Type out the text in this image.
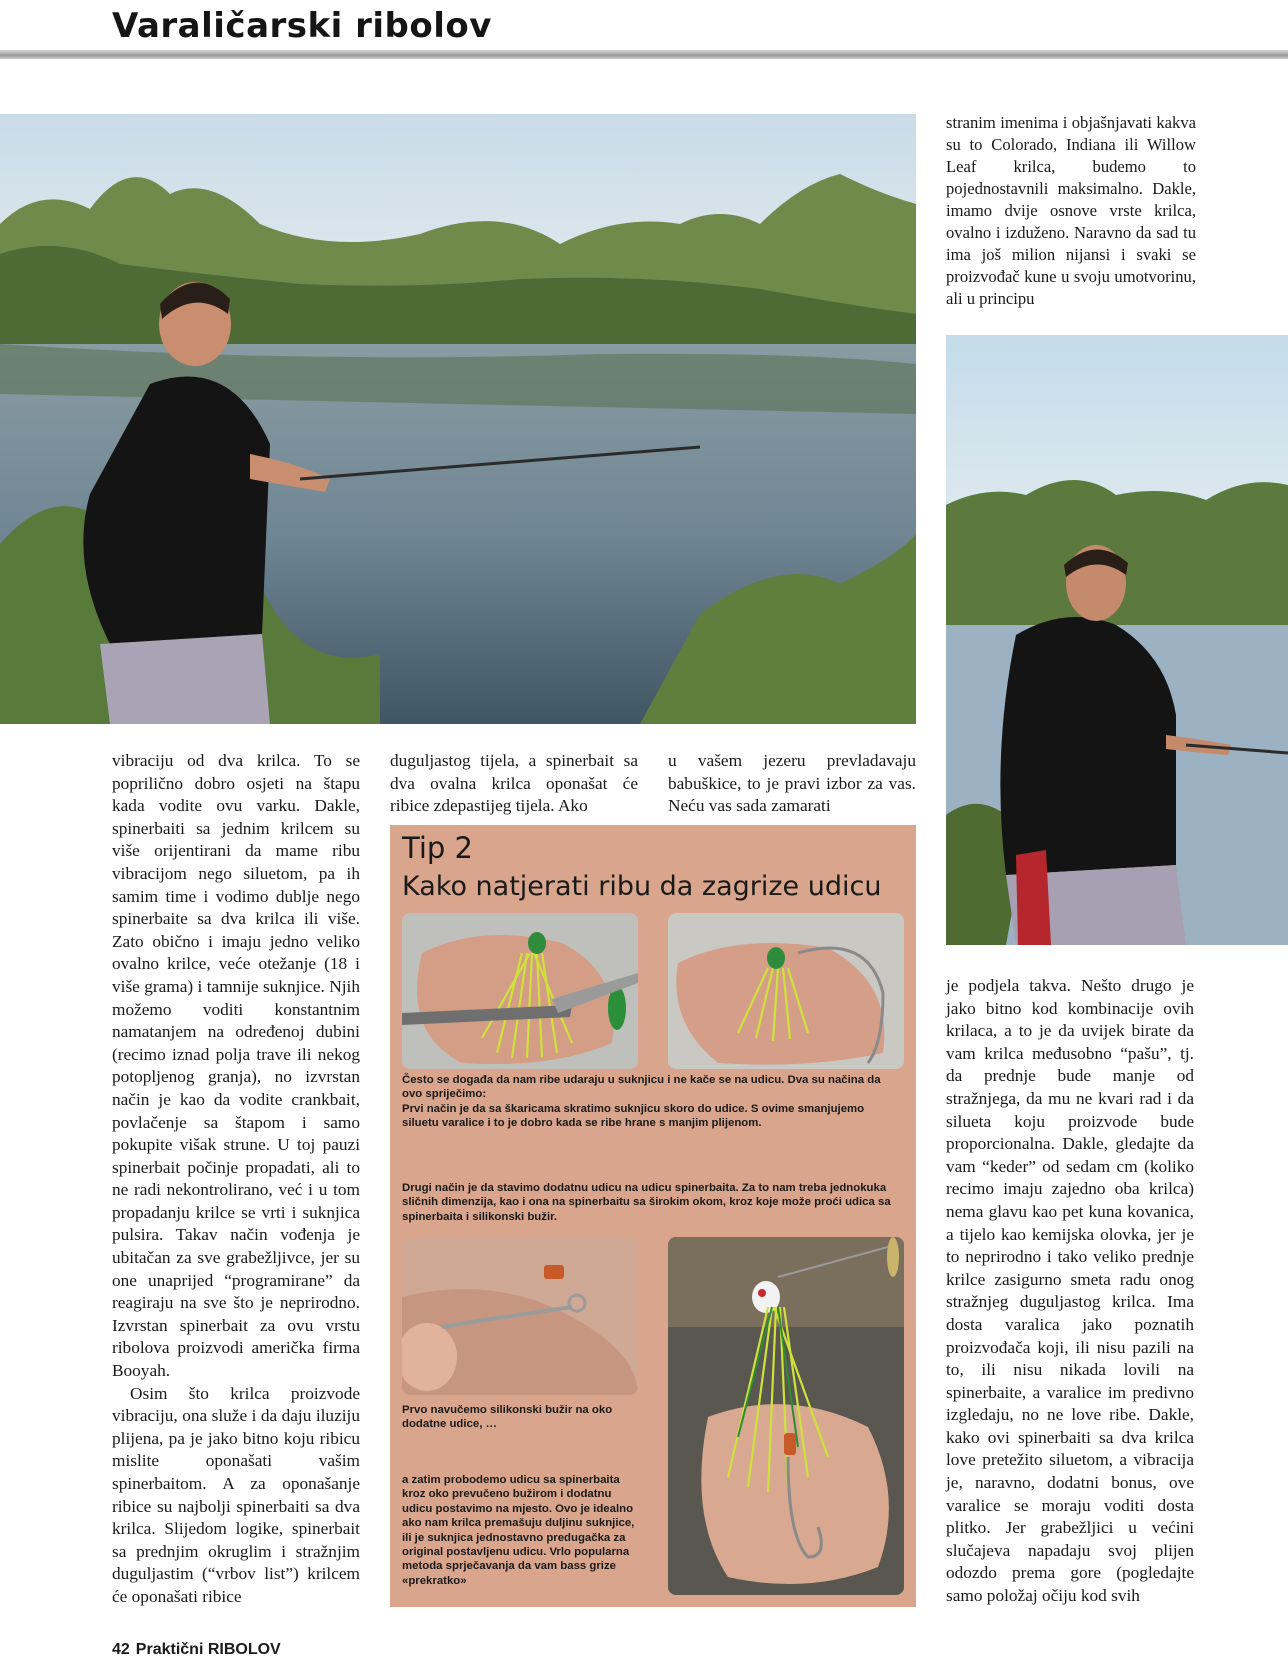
Varaličarski ribolov

stranim imenima i objašnjavati kakva su to Colorado, Indiana ili Willow Leaf krilca, budemo to pojednostavnili maksimalno. Dakle, imamo dvije osnove vrste krilca, ovalno i izduženo. Naravno da sad tu ima još milion nijansi i svaki se proizvođač kune u svoju umotvorinu, ali u principu

vibraciju od dva krilca. To se poprilično dobro osjeti na štapu kada vodite ovu varku. Dakle, spinerbaiti sa jednim krilcem su više orijentirani da mame ribu vibracijom nego siluetom, pa ih samim time i vodimo dublje nego spinerbaite sa dva krilca ili više. Zato obično i imaju jedno veliko ovalno krilce, veće otežanje (18 i više grama) i tamnije suknjice. Njih možemo voditi konstantnim namatanjem na određenoj dubini (recimo iznad polja trave ili nekog potopljenog granja), no izvrstan način je kao da vodite crankbait, povlačenje sa štapom i samo pokupite višak strune. U toj pauzi spinerbait počinje propadati, ali to ne radi nekontrolirano, već i u tom propadanju krilce se vrti i suknjica pulsira. Takav način vođenja je ubitačan za sve grabežljivce, jer su one unaprijed “programirane” da reagiraju na sve što je neprirodno. Izvrstan spinerbait za ovu vrstu ribolova proizvodi američka firma Booyah.

Osim što krilca proizvode vibraciju, ona služe i da daju iluziju plijena, pa je jako bitno koju ribicu mislite oponašati vašim spinerbaitom. A za oponašanje ribice su najbolji spinerbaiti sa dva krilca. Slijedom logike, spinerbait sa prednjim okruglim i stražnjim duguljastim (“vrbov list”) krilcem će oponašati ribice

duguljastog tijela, a spinerbait sa dva ovalna krilca oponašat će ribice zdepastijeg tijela. Ako

u vašem jezeru prevladavaju babuškice, to je pravi izbor za vas. Neću vas sada zamarati

Tip 2
Kako natjerati ribu da zagrize udicu
Često se događa da nam ribe udaraju u suknjicu i ne kače se na udicu. Dva su načina da ovo spriječimo:
Prvi način je da sa škaricama skratimo suknjicu skoro do udice. S ovime smanjujemo siluetu varalice i to je dobro kada se ribe hrane s manjim plijenom.
Drugi način je da stavimo dodatnu udicu na udicu spinerbaita. Za to nam treba jednokuka sličnih dimenzija, kao i ona na spinerbaitu sa širokim okom, kroz koje može proći udica sa spinerbaita i silikonski bužir.
Prvo navučemo silikonski bužir na oko dodatne udice, …
a zatim probodemo udicu sa spinerbaita kroz oko prevučeno bužirom i dodatnu udicu postavimo na mjesto. Ovo je idealno ako nam krilca premašuju duljinu suknjice, ili je suknjica jednostavno predugačka za original postavljenu udicu. Vrlo popularna metoda sprječavanja da vam bass grize «prekratko»

je podjela takva. Nešto drugo je jako bitno kod kombinacije ovih krilaca, a to je da uvijek birate da vam krilca međusobno “pašu”, tj. da prednje bude manje od stražnjega, da mu ne kvari rad i da silueta koju proizvode bude proporcionalna. Dakle, gledajte da vam “keder” od sedam cm (koliko recimo imaju zajedno oba krilca) nema glavu kao pet kuna kovanica, a tijelo kao kemijska olovka, jer je to neprirodno i tako veliko prednje krilce zasigurno smeta radu onog stražnjeg duguljastog krilca. Ima dosta varalica jako poznatih proizvođača koji, ili nisu pazili na to, ili nisu nikada lovili na spinerbaite, a varalice im predivno izgledaju, no ne love ribe. Dakle, kako ovi spinerbaiti sa dva krilca love pretežito siluetom, a vibracija je, naravno, dodatni bonus, ove varalice se moraju voditi dosta plitko. Jer grabežljici u većini slučajeva napadaju svoj plijen odozdo prema gore (pogledajte samo položaj očiju kod svih

42 Praktični RIBOLOV
